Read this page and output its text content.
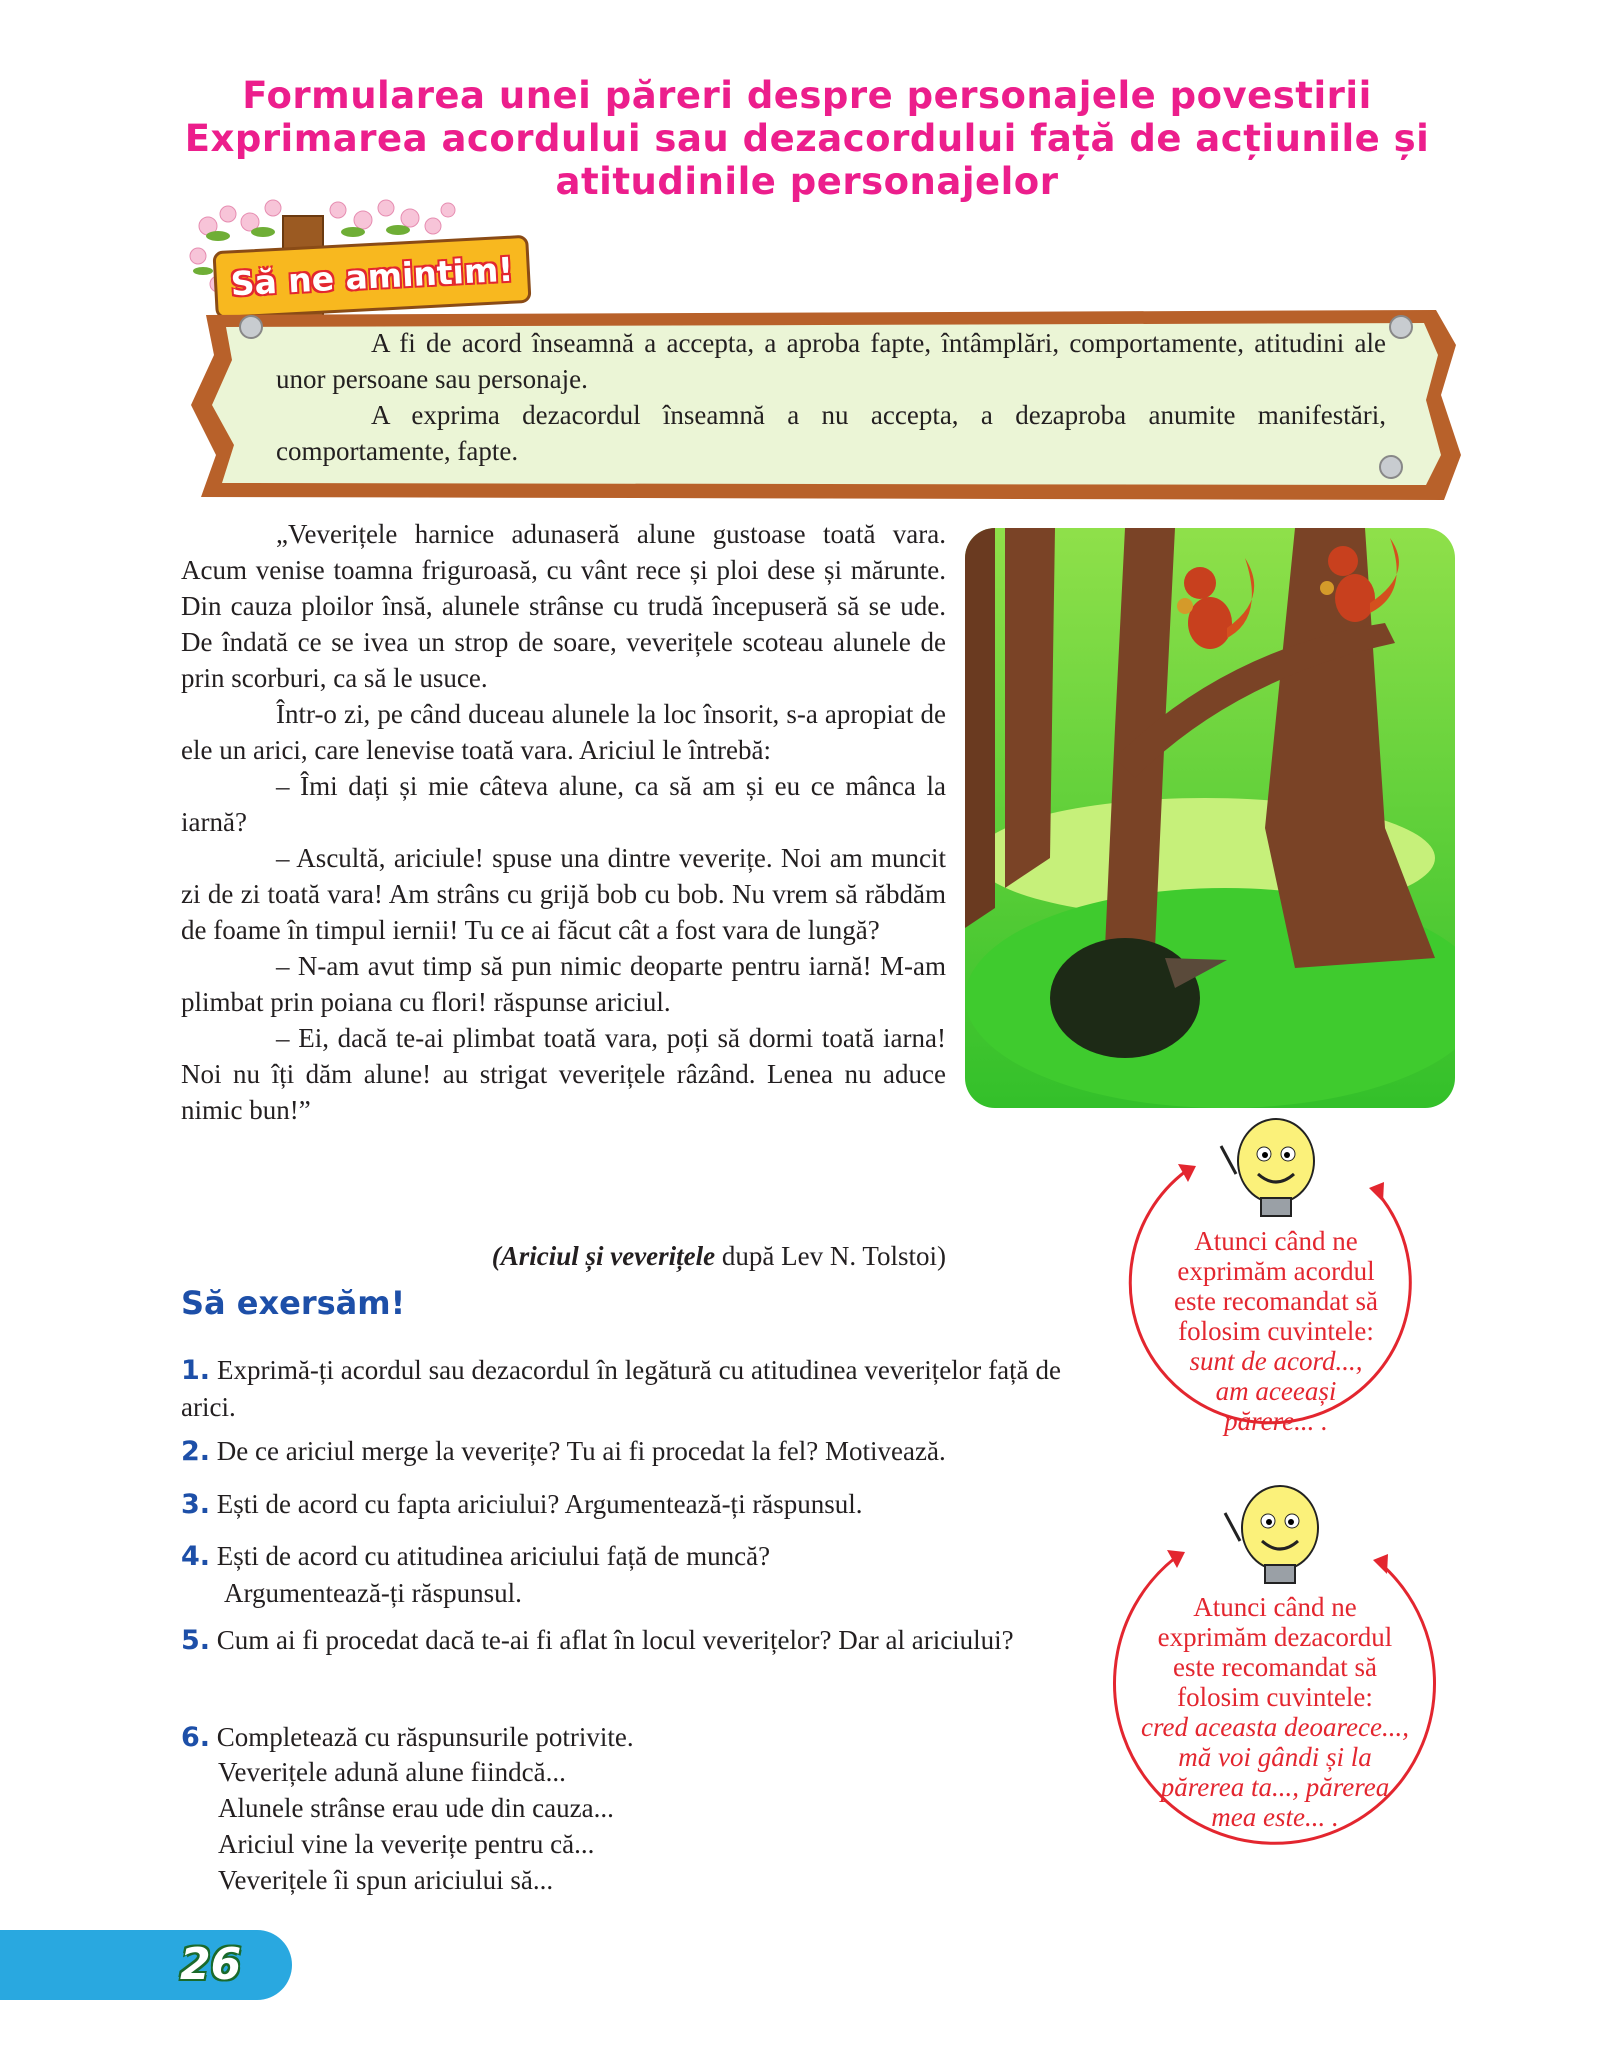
Formularea unei păreri despre personajele povestirii
Exprimarea acordului sau dezacordului față de acțiunile și
atitudinile personajelor
Să ne amintim!

A fi de acord înseamnă a accepta, a aproba fapte, întâmplări, comportamente, atitudini ale unor persoane sau personaje.

A exprima dezacordul înseamnă a nu accepta, a dezaproba anumite manifestări, comportamente, fapte.

„Veverițele harnice adunaseră alune gustoase toată vara. Acum venise toamna friguroasă, cu vânt rece și ploi dese și mărunte. Din cauza ploilor însă, alunele strânse cu trudă începuseră să se ude. De îndată ce se ivea un strop de soare, veverițele scoteau alunele de prin scorburi, ca să le usuce.

Într-o zi, pe când duceau alunele la loc însorit, s-a apropiat de ele un arici, care lenevise toată vara. Ariciul le întrebă:

– Îmi dați și mie câteva alune, ca să am și eu ce mânca la iarnă?

– Ascultă, ariciule! spuse una dintre veverițe. Noi am muncit zi de zi toată vara! Am strâns cu grijă bob cu bob. Nu vrem să răbdăm de foame în timpul iernii! Tu ce ai făcut cât a fost vara de lungă?

– N-am avut timp să pun nimic deoparte pentru iarnă! M-am plimbat prin poiana cu flori! răspunse ariciul.

– Ei, dacă te-ai plimbat toată vara, poți să dormi toată iarna! Noi nu îți dăm alune! au strigat veverițele râzând. Lenea nu aduce nimic bun!”

(Ariciul și veverițele după Lev N. Tolstoi)
Să exersăm!
1. Exprimă-ți acordul sau dezacordul în legătură cu atitudinea veverițelor față de arici.
2. De ce ariciul merge la veverițe? Tu ai fi procedat la fel? Motivează.
3. Ești de acord cu fapta ariciului? Argumentează-ți răspunsul.
4. Ești de acord cu atitudinea ariciului față de muncă?
Argumentează-ți răspunsul.
5. Cum ai fi procedat dacă te-ai fi aflat în locul veverițelor? Dar al ariciului?
6. Completează cu răspunsurile potrivite.
Veverițele adună alune fiindcă...
Alunele strânse erau ude din cauza...
Ariciul vine la veverițe pentru că...
Veverițele îi spun ariciului să...
Atunci când ne
exprimăm acordul
este recomandat să
folosim cuvintele:
sunt de acord...,
am aceeași
părere... .
Atunci când ne
exprimăm dezacordul
este recomandat să
folosim cuvintele:
cred aceasta deoarece...,
mă voi gândi și la
părerea ta..., părerea
mea este... .
26
